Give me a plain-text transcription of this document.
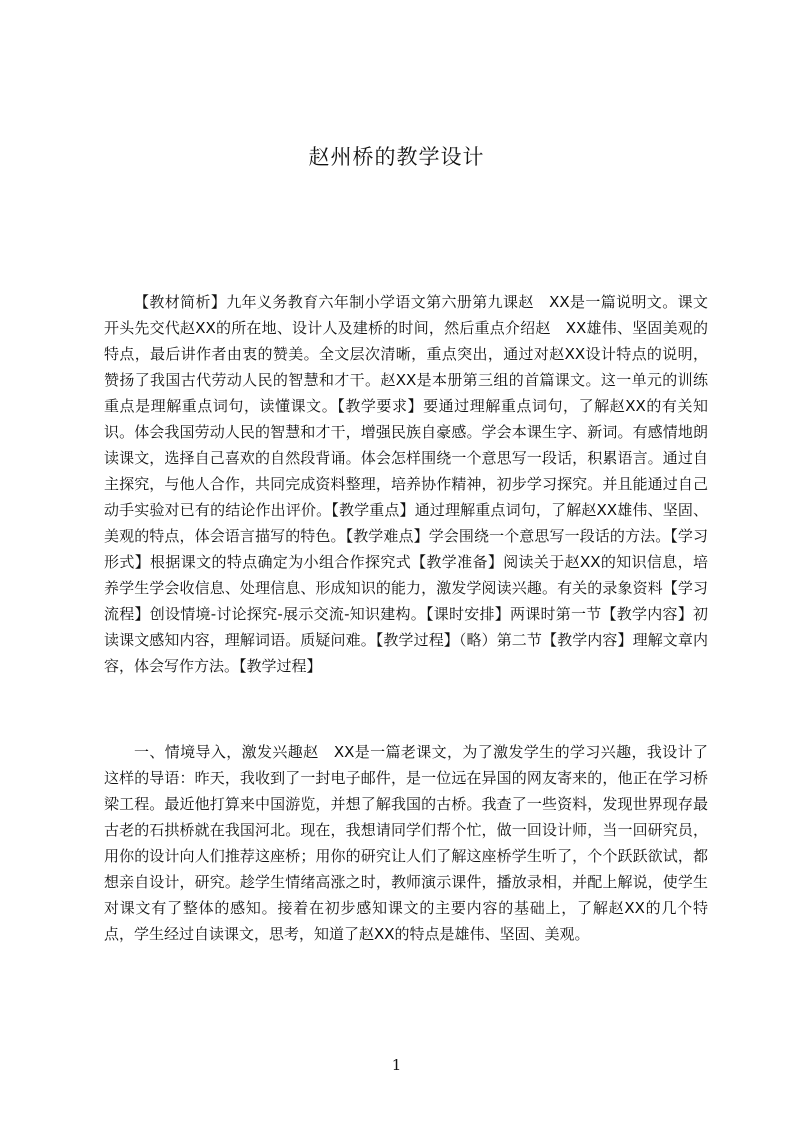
赵州桥的教学设计

【教材简析】九年义务教育六年制小学语文第六册第九课赵　XX是一篇说明文。课文开头先交代赵XX的所在地、设计人及建桥的时间，然后重点介绍赵　XX雄伟、坚固美观的特点，最后讲作者由衷的赞美。全文层次清晰，重点突出，通过对赵XX设计特点的说明，赞扬了我国古代劳动人民的智慧和才干。赵XX是本册第三组的首篇课文。这一单元的训练重点是理解重点词句，读懂课文。【教学要求】要通过理解重点词句，了解赵XX的有关知识。体会我国劳动人民的智慧和才干，增强民族自豪感。学会本课生字、新词。有感情地朗读课文，选择自己喜欢的自然段背诵。体会怎样围绕一个意思写一段话，积累语言。通过自主探究，与他人合作，共同完成资料整理，培养协作精神，初步学习探究。并且能通过自己动手实验对已有的结论作出评价。【教学重点】通过理解重点词句，了解赵XX雄伟、坚固、美观的特点，体会语言描写的特色。【教学难点】学会围绕一个意思写一段话的方法。【学习形式】根据课文的特点确定为小组合作探究式【教学准备】阅读关于赵XX的知识信息，培养学生学会收信息、处理信息、形成知识的能力，激发学阅读兴趣。有关的录象资料【学习流程】创设情境-讨论探究-展示交流-知识建构。【课时安排】两课时第一节【教学内容】初读课文感知内容，理解词语。质疑问难。【教学过程】（略）第二节【教学内容】理解文章内容，体会写作方法。【教学过程】

一、情境导入，激发兴趣赵　XX是一篇老课文，为了激发学生的学习兴趣，我设计了这样的导语：昨天，我收到了一封电子邮件，是一位远在异国的网友寄来的，他正在学习桥梁工程。最近他打算来中国游览，并想了解我国的古桥。我查了一些资料，发现世界现存最古老的石拱桥就在我国河北。现在，我想请同学们帮个忙，做一回设计师，当一回研究员，用你的设计向人们推荐这座桥；用你的研究让人们了解这座桥学生听了，个个跃跃欲试，都想亲自设计，研究。趁学生情绪高涨之时，教师演示课件，播放录相，并配上解说，使学生对课文有了整体的感知。接着在初步感知课文的主要内容的基础上，了解赵XX的几个特点，学生经过自读课文，思考，知道了赵XX的特点是雄伟、坚固、美观。

1
